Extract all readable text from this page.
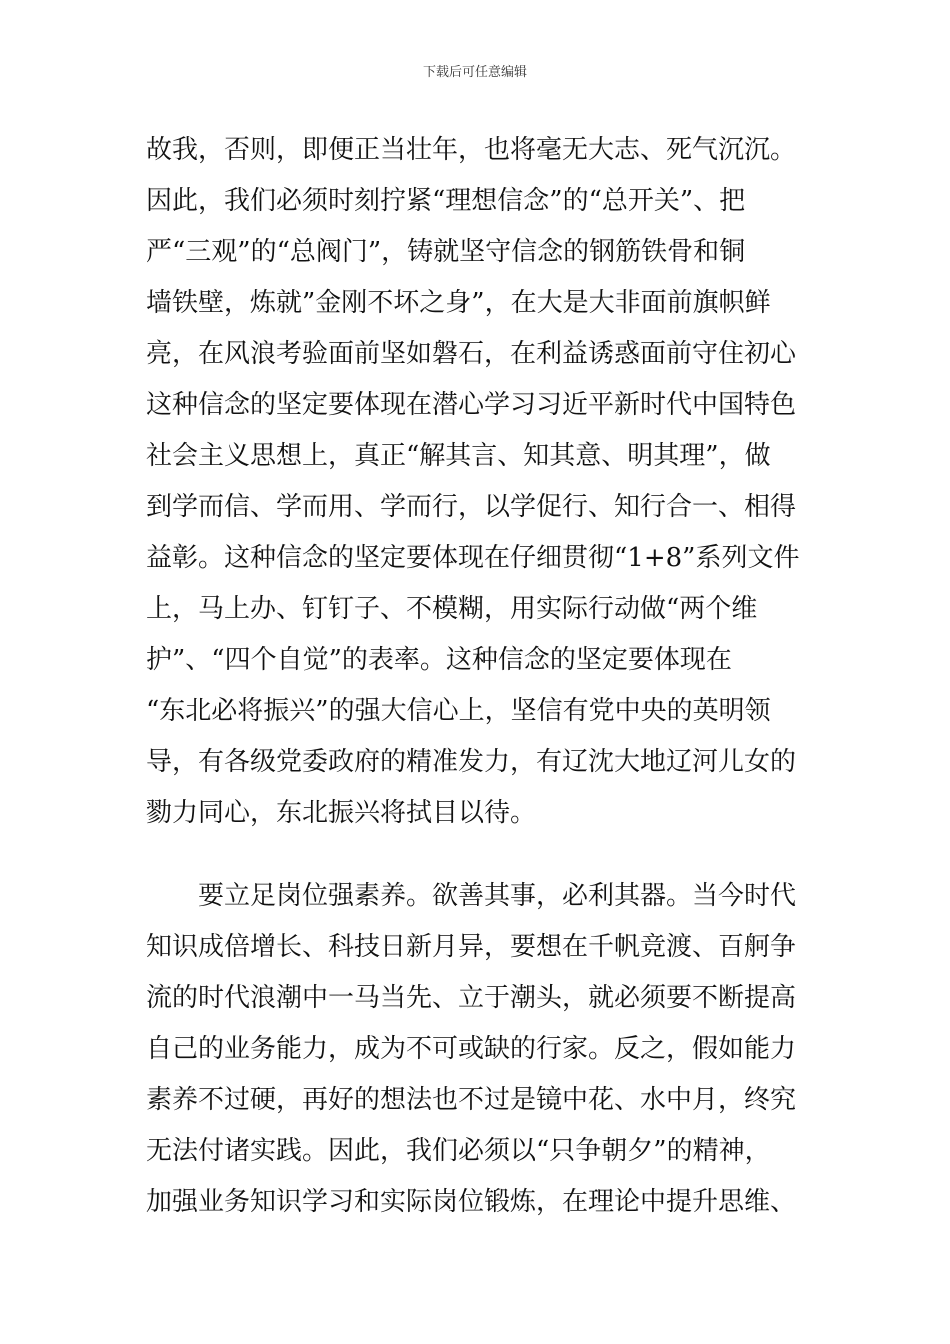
下载后可任意编辑
故我，否则，即便正当壮年，也将毫无大志、死气沉沉。
因此，我们必须时刻拧紧“理想信念”的“总开关”、把
严“三观”的“总阀门”，铸就坚守信念的钢筋铁骨和铜
墙铁壁，炼就”金刚不坏之身”，在大是大非面前旗帜鲜
亮，在风浪考验面前坚如磐石，在利益诱惑面前守住初心
这种信念的坚定要体现在潜心学习习近平新时代中国特色
社会主义思想上，真正“解其言、知其意、明其理”，做
到学而信、学而用、学而行，以学促行、知行合一、相得
益彰。这种信念的坚定要体现在仔细贯彻“1+8”系列文件
上，马上办、钉钉子、不模糊，用实际行动做“两个维
护”、“四个自觉”的表率。这种信念的坚定要体现在
“东北必将振兴”的强大信心上，坚信有党中央的英明领
导，有各级党委政府的精准发力，有辽沈大地辽河儿女的
勠力同心，东北振兴将拭目以待。
要立足岗位强素养。欲善其事，必利其器。当今时代
知识成倍增长、科技日新月异，要想在千帆竞渡、百舸争
流的时代浪潮中一马当先、立于潮头，就必须要不断提高
自己的业务能力，成为不可或缺的行家。反之，假如能力
素养不过硬，再好的想法也不过是镜中花、水中月，终究
无法付诸实践。因此，我们必须以“只争朝夕”的精神，
加强业务知识学习和实际岗位锻炼，在理论中提升思维、
